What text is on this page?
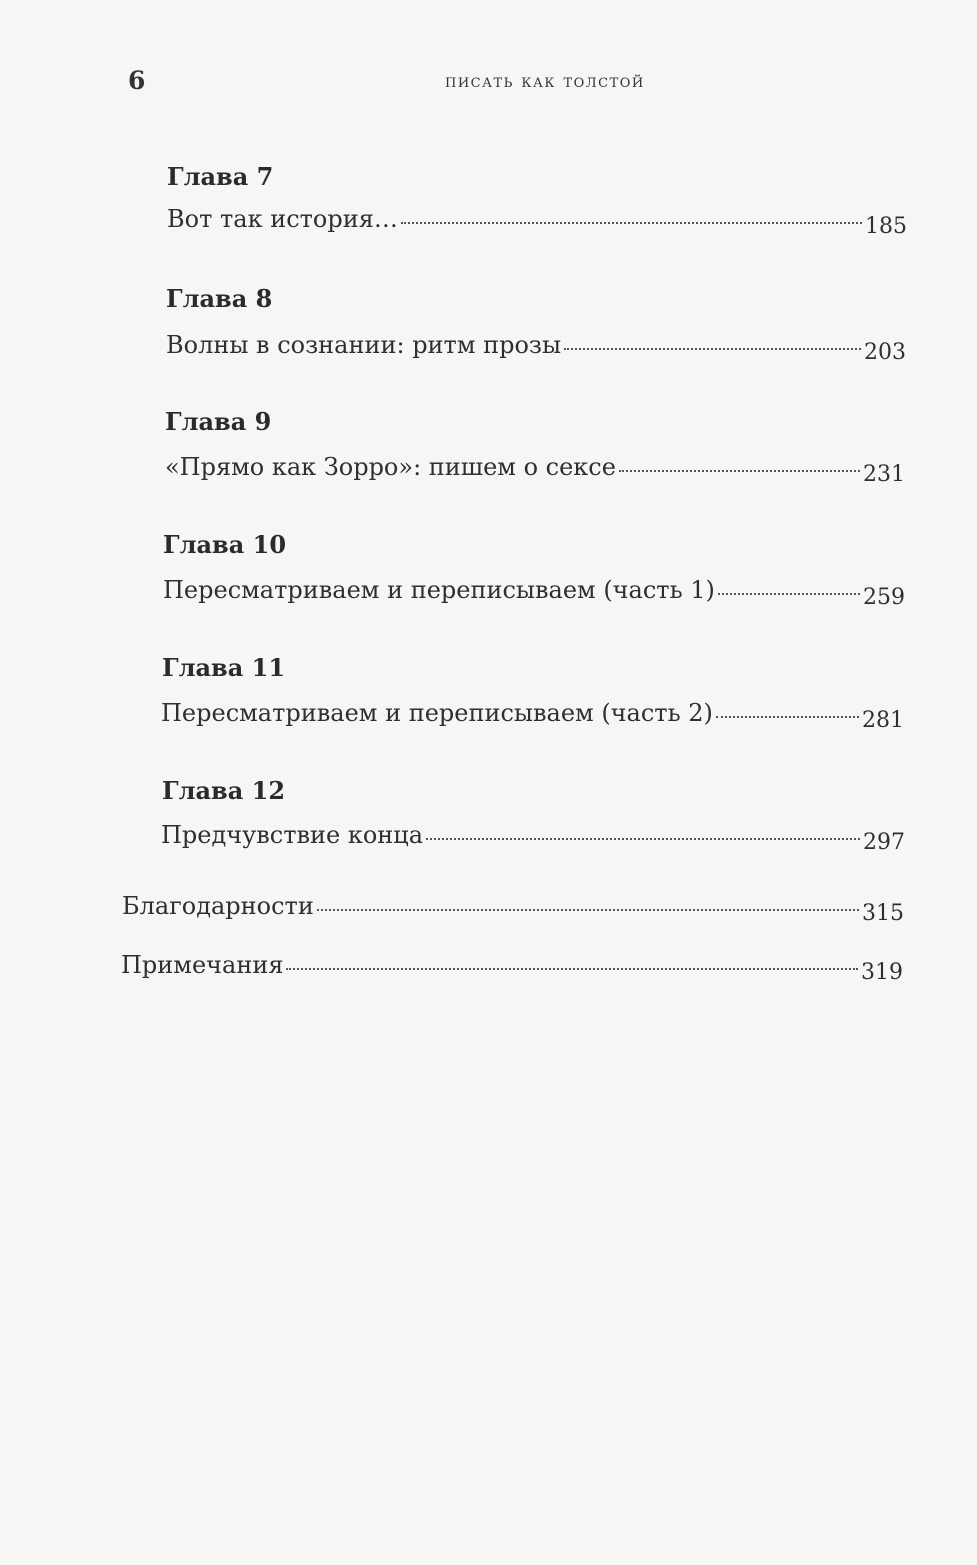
6	писать как толстой
Глава 7
Вот так история…	185
Глава 8
Волны в сознании: ритм прозы	203
Глава 9
«Прямо как Зорро»: пишем о сексе	231
Глава 10
Пересматриваем и переписываем (часть 1)	259
Глава 11
Пересматриваем и переписываем (часть 2)	281
Глава 12
Предчувствие конца	297
Благодарности	315
Примечания	319
